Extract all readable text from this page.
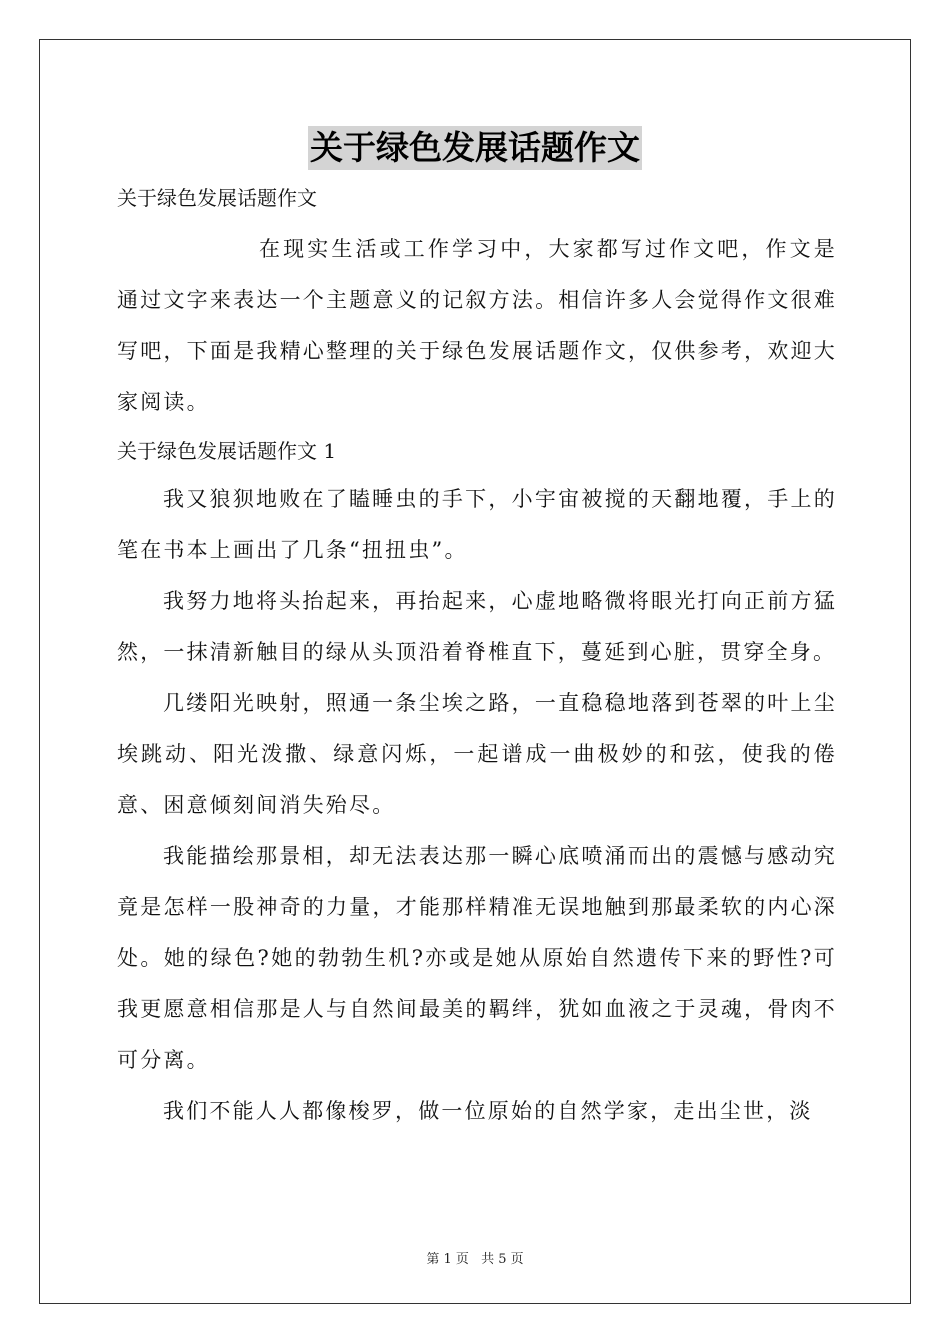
关于绿色发展话题作文

关于绿色发展话题作文

在现实生活或工作学习中，大家都写过作文吧，作文是通过文字来表达一个主题意义的记叙方法。相信许多人会觉得作文很难写吧，下面是我精心整理的关于绿色发展话题作文，仅供参考，欢迎大家阅读。

关于绿色发展话题作文 1

我又狼狈地败在了瞌睡虫的手下，小宇宙被搅的天翻地覆，手上的笔在书本上画出了几条“扭扭虫”。

我努力地将头抬起来，再抬起来，心虚地略微将眼光打向正前方猛然，一抹清新触目的绿从头顶沿着脊椎直下，蔓延到心脏，贯穿全身。

几缕阳光映射，照通一条尘埃之路，一直稳稳地落到苍翠的叶上尘埃跳动、阳光泼撒、绿意闪烁，一起谱成一曲极妙的和弦，使我的倦意、困意倾刻间消失殆尽。

我能描绘那景相，却无法表达那一瞬心底喷涌而出的震憾与感动究竟是怎样一股神奇的力量，才能那样精准无误地触到那最柔软的内心深处。她的绿色?她的勃勃生机?亦或是她从原始自然遗传下来的野性?可我更愿意相信那是人与自然间最美的羁绊，犹如血液之于灵魂，骨肉不可分离。

我们不能人人都像梭罗，做一位原始的自然学家，走出尘世，淡

第 1 页 共 5 页
